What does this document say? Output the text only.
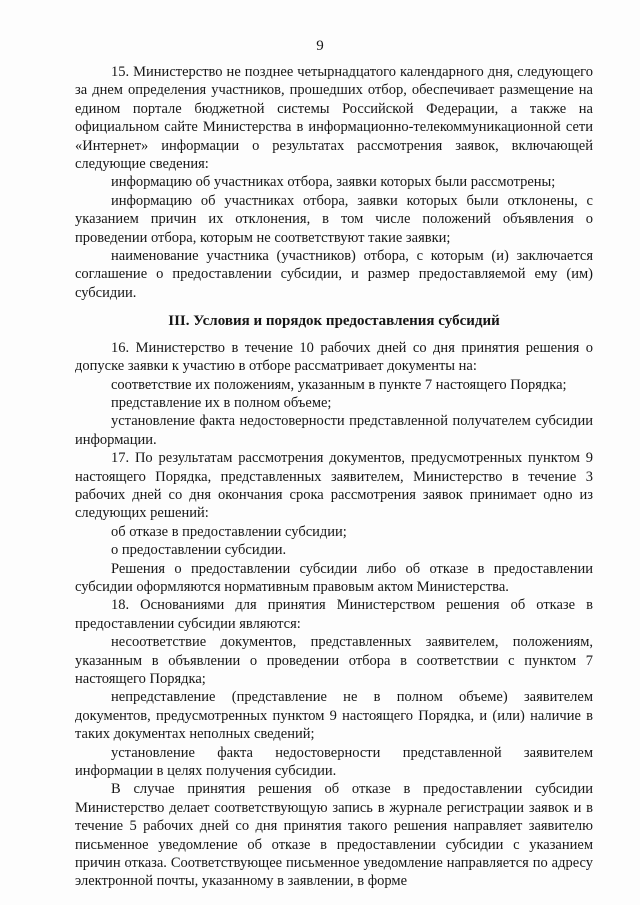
9

15. Министерство не позднее четырнадцатого календарного дня, следующего за днем определения участников, прошедших отбор, обеспечивает размещение на едином портале бюджетной системы Российской Федерации, а также на официальном сайте Министерства в информационно-телекоммуникационной сети «Интернет» информации о результатах рассмотрения заявок, включающей следующие сведения:

информацию об участниках отбора, заявки которых были рассмотрены;

информацию об участниках отбора, заявки которых были отклонены, с указанием причин их отклонения, в том числе положений объявления о проведении отбора, которым не соответствуют такие заявки;

наименование участника (участников) отбора, с которым (и) заключается соглашение о предоставлении субсидии, и размер предоставляемой ему (им) субсидии.

III. Условия и порядок предоставления субсидий

16. Министерство в течение 10 рабочих дней со дня принятия решения о допуске заявки к участию в отборе рассматривает документы на:

соответствие их положениям, указанным в пункте 7 настоящего Порядка;

представление их в полном объеме;

установление факта недостоверности представленной получателем субсидии информации.

17. По результатам рассмотрения документов, предусмотренных пунктом 9 настоящего Порядка, представленных заявителем, Министерство в течение 3 рабочих дней со дня окончания срока рассмотрения заявок принимает одно из следующих решений:

об отказе в предоставлении субсидии;

о предоставлении субсидии.

Решения о предоставлении субсидии либо об отказе в предоставлении субсидии оформляются нормативным правовым актом Министерства.

18. Основаниями для принятия Министерством решения об отказе в предоставлении субсидии являются:

несоответствие документов, представленных заявителем, положениям, указанным в объявлении о проведении отбора в соответствии с пунктом 7 настоящего Порядка;

непредставление (представление не в полном объеме) заявителем документов, предусмотренных пунктом 9 настоящего Порядка, и (или) наличие в таких документах неполных сведений;

установление факта недостоверности представленной заявителем информации в целях получения субсидии.

В случае принятия решения об отказе в предоставлении субсидии Министерство делает соответствующую запись в журнале регистрации заявок и в течение 5 рабочих дней со дня принятия такого решения направляет заявителю письменное уведомление об отказе в предоставлении субсидии с указанием причин отказа. Соответствующее письменное уведомление направляется по адресу электронной почты, указанному в заявлении, в форме
